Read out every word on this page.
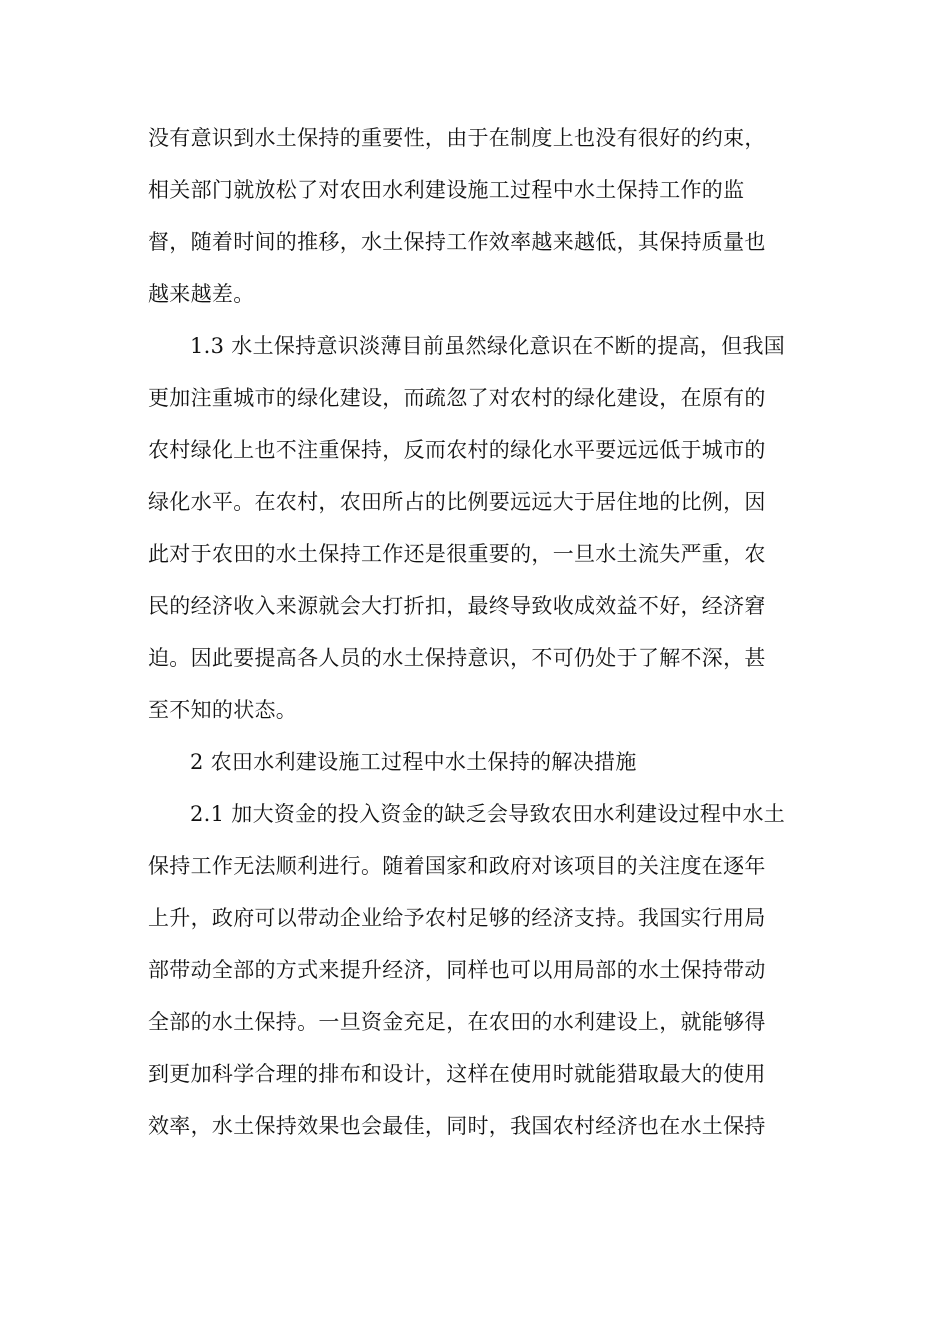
没有意识到水土保持的重要性，由于在制度上也没有很好的约束，
相关部门就放松了对农田水利建设施工过程中水土保持工作的监
督，随着时间的推移，水土保持工作效率越来越低，其保持质量也
越来越差。
1.3 水土保持意识淡薄目前虽然绿化意识在不断的提高，但我国
更加注重城市的绿化建设，而疏忽了对农村的绿化建设，在原有的
农村绿化上也不注重保持，反而农村的绿化水平要远远低于城市的
绿化水平。在农村，农田所占的比例要远远大于居住地的比例，因
此对于农田的水土保持工作还是很重要的，一旦水土流失严重，农
民的经济收入来源就会大打折扣，最终导致收成效益不好，经济窘
迫。因此要提高各人员的水土保持意识，不可仍处于了解不深，甚
至不知的状态。
2 农田水利建设施工过程中水土保持的解决措施
2.1 加大资金的投入资金的缺乏会导致农田水利建设过程中水土
保持工作无法顺利进行。随着国家和政府对该项目的关注度在逐年
上升，政府可以带动企业给予农村足够的经济支持。我国实行用局
部带动全部的方式来提升经济，同样也可以用局部的水土保持带动
全部的水土保持。一旦资金充足，在农田的水利建设上，就能够得
到更加科学合理的排布和设计，这样在使用时就能猎取最大的使用
效率，水土保持效果也会最佳，同时，我国农村经济也在水土保持
